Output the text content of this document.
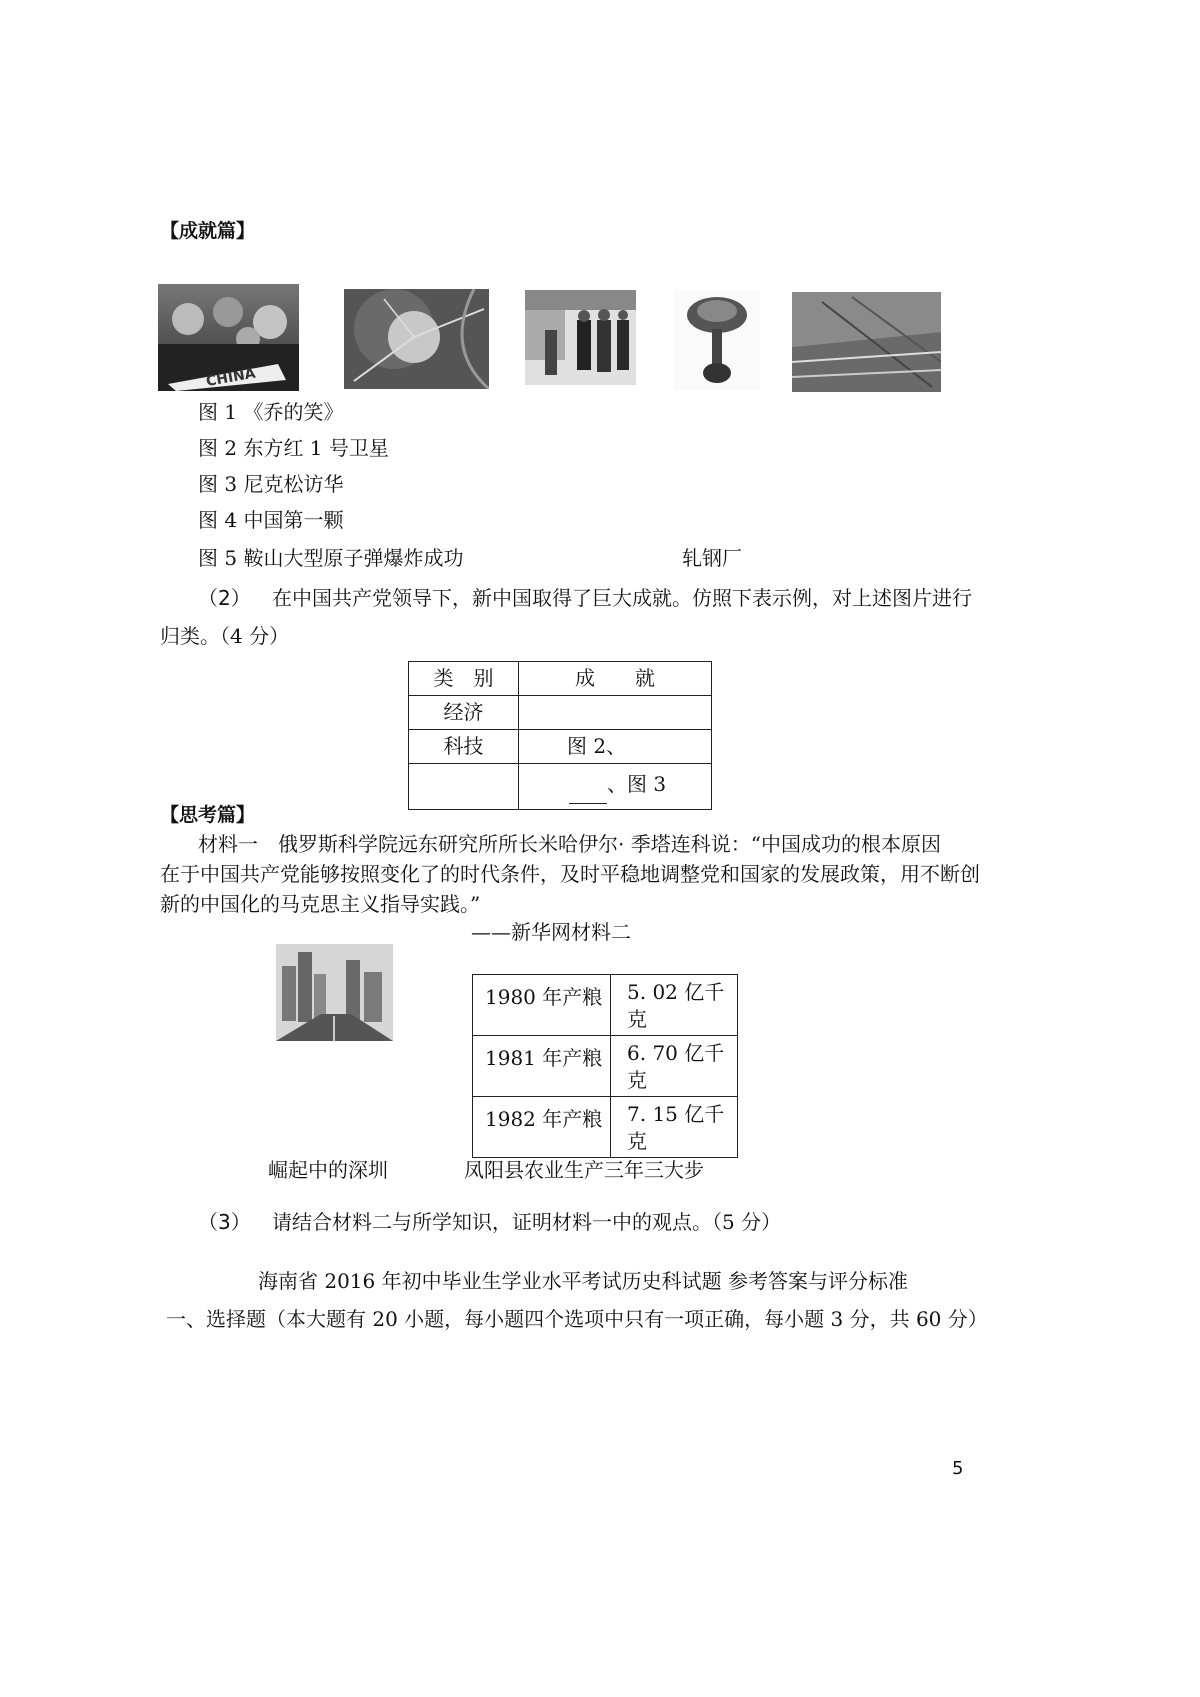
【成就篇】
CHINA
图 1 《乔的笑》
图 2 东方红 1 号卫星
图 3 尼克松访华
图 4 中国第一颗
图 5 鞍山大型原子弹爆炸成功	轧钢厂
（2） 在中国共产党领导下，新中国取得了巨大成就。仿照下表示例，对上述图片进行
归类。（4 分）
类　别	成　　就
经济	
科技	图 2、
	、图 3
【思考篇】
材料一　俄罗斯科学院远东研究所所长米哈伊尔· 季塔连科说：“中国成功的根本原因
在于中国共产党能够按照变化了的时代条件，及时平稳地调整党和国家的发展政策，用不断创
新的中国化的马克思主义指导实践。”
——新华网材料二
1980 年产粮	5. 02 亿千
克

1981 年产粮	6. 70 亿千
克

1982 年产粮	7. 15 亿千
克
崛起中的深圳	凤阳县农业生产三年三大步
（3） 请结合材料二与所学知识，证明材料一中的观点。（5 分）
海南省 2016 年初中毕业生学业水平考试历史科试题 参考答案与评分标准
一、选择题（本大题有 20 小题，每小题四个选项中只有一项正确，每小题 3 分，共 60 分）
5
